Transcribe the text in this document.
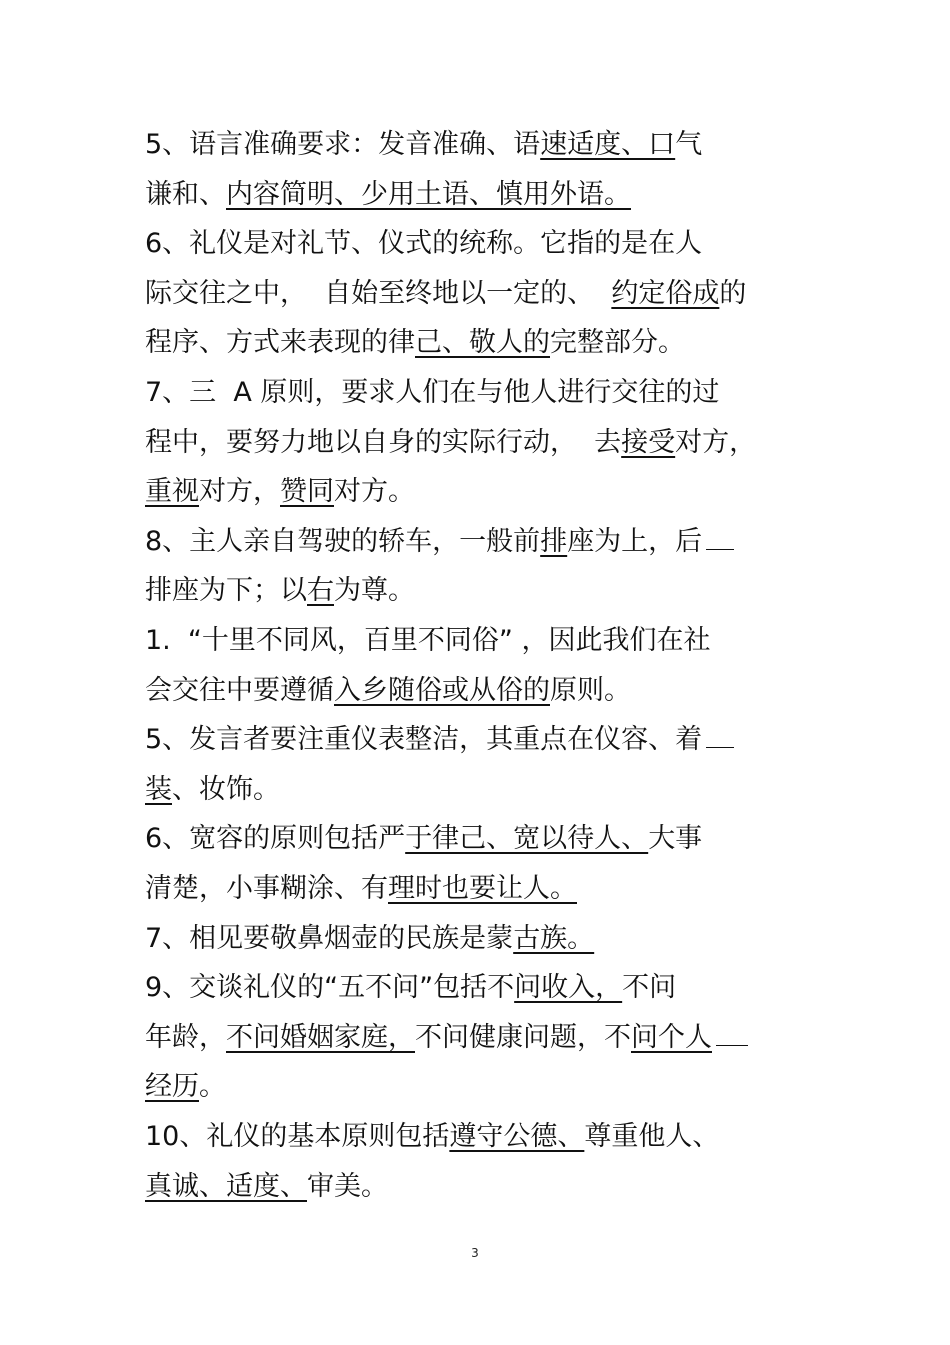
5、语言准确要求：发音准确、语速适度、口气
谦和、内容简明、少用土语、慎用外语。
6、礼仪是对礼节、仪式的统称。它指的是在人
际交往之中，  自始至终地以一定的、  约定俗成的
程序、方式来表现的律己、敬人的完整部分。
7、三  A 原则，要求人们在与他人进行交往的过
程中，要努力地以自身的实际行动，  去接受对方，
重视对方，赞同对方。
8、主人亲自驾驶的轿车，一般前排座为上，后
排座为下；以右为尊。
1.  “十里不同风，百里不同俗” ，因此我们在社
会交往中要遵循入乡随俗或从俗的原则。
5、发言者要注重仪表整洁，其重点在仪容、着
装、妆饰。
6、宽容的原则包括严于律己、宽以待人、大事
清楚，小事糊涂、有理时也要让人。
7、相见要敬鼻烟壶的民族是蒙古族。
9、交谈礼仪的“五不问”包括不问收入，不问
年龄，不问婚姻家庭，不问健康问题，不问个人
经历。
10、礼仪的基本原则包括遵守公德、尊重他人、
真诚、适度、审美。
3
